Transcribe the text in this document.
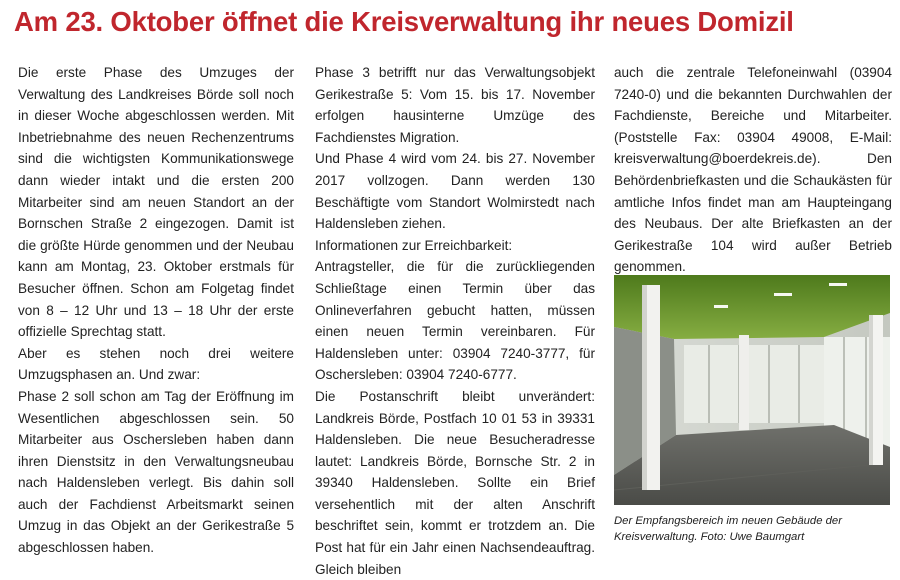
Am 23. Oktober öffnet die Kreisverwaltung ihr neues Domizil

Die erste Phase des Umzuges der Verwaltung des Landkreises Börde soll noch in dieser Woche abgeschlossen werden. Mit Inbetriebnahme des neuen Rechenzentrums sind die wichtigsten Kommunikationswege dann wieder intakt und die ersten 200 Mitarbeiter sind am neuen Standort an der Bornschen Straße 2 eingezogen. Damit ist die größte Hürde genommen und der Neubau kann am Montag, 23. Oktober erstmals für Besucher öffnen. Schon am Folgetag findet von 8 – 12 Uhr und 13 – 18 Uhr der erste offizielle Sprechtag statt.

Aber es stehen noch drei weitere Umzugsphasen an. Und zwar:

Phase 2 soll schon am Tag der Eröffnung im Wesentlichen abgeschlossen sein. 50 Mitarbeiter aus Oschersleben haben dann ihren Dienstsitz in den Verwaltungsneubau nach Haldensleben verlegt. Bis dahin soll auch der Fachdienst Arbeitsmarkt seinen Umzug in das Objekt an der Gerikestraße 5 abgeschlossen haben.

Phase 3 betrifft nur das Verwaltungsobjekt Gerikestraße 5: Vom 15. bis 17. November erfolgen hausinterne Umzüge des Fachdienstes Migration.

Und Phase 4 wird vom 24. bis 27. November 2017 vollzogen. Dann werden 130 Beschäftigte vom Standort Wolmirstedt nach Haldensleben ziehen.

Informationen zur Erreichbarkeit:

Antragsteller, die für die zurückliegenden Schließtage einen Termin über das Onlineverfahren gebucht hatten, müssen einen neuen Termin vereinbaren. Für Haldensleben unter: 03904 7240-3777, für Oschersleben: 03904 7240-6777.

Die Postanschrift bleibt unverändert: Landkreis Börde, Postfach 10 01 53 in 39331 Haldensleben. Die neue Besucheradresse lautet: Landkreis Börde, Bornsche Str. 2 in 39340 Haldensleben. Sollte ein Brief versehentlich mit der alten Anschrift beschriftet sein, kommt er trotzdem an. Die Post hat für ein Jahr einen Nachsendeauftrag. Gleich bleiben

auch die zentrale Telefoneinwahl (03904 7240-0) und die bekannten Durchwahlen der Fachdienste, Bereiche und Mitarbeiter. (Poststelle Fax: 03904 49008, E-Mail: kreisverwaltung@boerdekreis.de). Den Behördenbriefkasten und die Schaukästen für amtliche Infos findet man am Haupteingang des Neubaus. Der alte Briefkasten an der Gerikestraße 104 wird außer Betrieb genommen.

Der Empfangsbereich im neuen Gebäude der Kreisverwaltung. Foto: Uwe Baumgart
